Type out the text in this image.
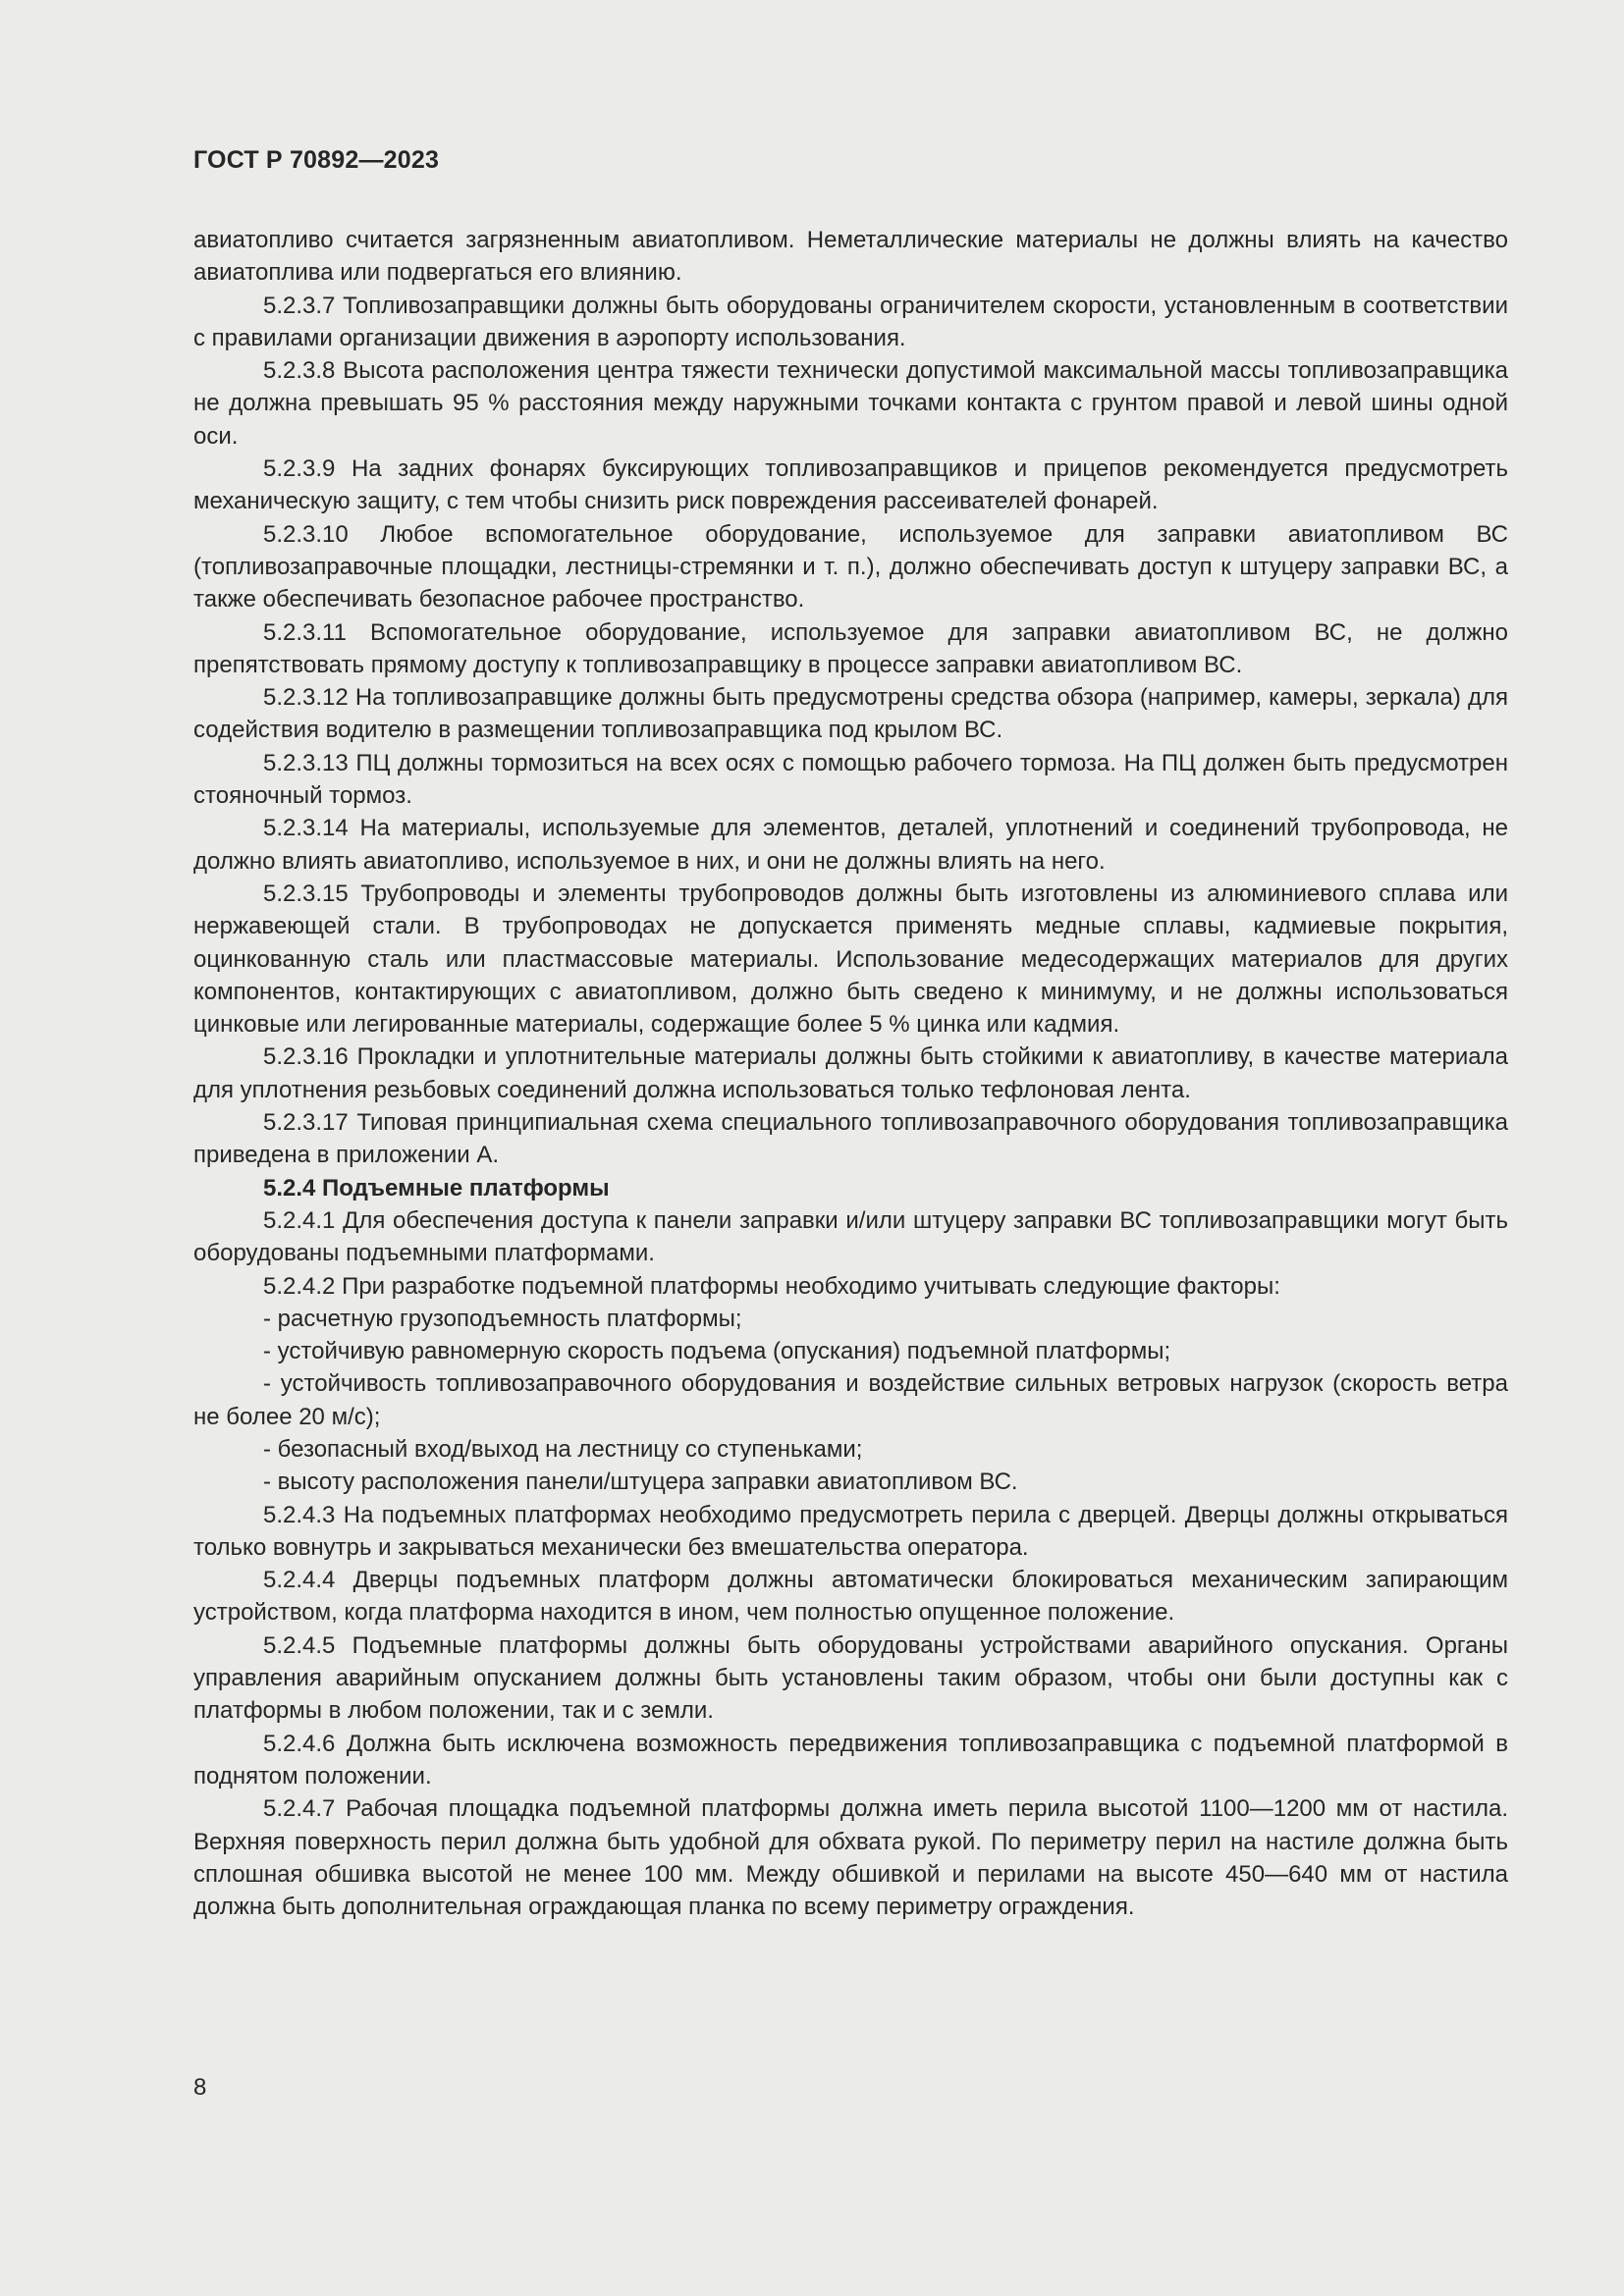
ГОСТ Р 70892—2023

авиатопливо считается загрязненным авиатопливом. Неметаллические материалы не должны влиять на качество авиатоплива или подвергаться его влиянию.

5.2.3.7 Топливозаправщики должны быть оборудованы ограничителем скорости, установленным в соответствии с правилами организации движения в аэропорту использования.

5.2.3.8 Высота расположения центра тяжести технически допустимой максимальной массы топливозаправщика не должна превышать 95 % расстояния между наружными точками контакта с грунтом правой и левой шины одной оси.

5.2.3.9 На задних фонарях буксирующих топливозаправщиков и прицепов рекомендуется предусмотреть механическую защиту, с тем чтобы снизить риск повреждения рассеивателей фонарей.

5.2.3.10 Любое вспомогательное оборудование, используемое для заправки авиатопливом ВС (топливозаправочные площадки, лестницы-стремянки и т. п.), должно обеспечивать доступ к штуцеру заправки ВС, а также обеспечивать безопасное рабочее пространство.

5.2.3.11 Вспомогательное оборудование, используемое для заправки авиатопливом ВС, не должно препятствовать прямому доступу к топливозаправщику в процессе заправки авиатопливом ВС.

5.2.3.12 На топливозаправщике должны быть предусмотрены средства обзора (например, камеры, зеркала) для содействия водителю в размещении топливозаправщика под крылом ВС.

5.2.3.13 ПЦ должны тормозиться на всех осях с помощью рабочего тормоза. На ПЦ должен быть предусмотрен стояночный тормоз.

5.2.3.14 На материалы, используемые для элементов, деталей, уплотнений и соединений трубопровода, не должно влиять авиатопливо, используемое в них, и они не должны влиять на него.

5.2.3.15 Трубопроводы и элементы трубопроводов должны быть изготовлены из алюминиевого сплава или нержавеющей стали. В трубопроводах не допускается применять медные сплавы, кадмиевые покрытия, оцинкованную сталь или пластмассовые материалы. Использование медесодержащих материалов для других компонентов, контактирующих с авиатопливом, должно быть сведено к минимуму, и не должны использоваться цинковые или легированные материалы, содержащие более 5 % цинка или кадмия.

5.2.3.16 Прокладки и уплотнительные материалы должны быть стойкими к авиатопливу, в качестве материала для уплотнения резьбовых соединений должна использоваться только тефлоновая лента.

5.2.3.17 Типовая принципиальная схема специального топливозаправочного оборудования топливозаправщика приведена в приложении А.

5.2.4 Подъемные платформы

5.2.4.1 Для обеспечения доступа к панели заправки и/или штуцеру заправки ВС топливозаправщики могут быть оборудованы подъемными платформами.

5.2.4.2 При разработке подъемной платформы необходимо учитывать следующие факторы:

- расчетную грузоподъемность платформы;

- устойчивую равномерную скорость подъема (опускания) подъемной платформы;

- устойчивость топливозаправочного оборудования и воздействие сильных ветровых нагрузок (скорость ветра не более 20 м/с);

- безопасный вход/выход на лестницу со ступеньками;

- высоту расположения панели/штуцера заправки авиатопливом ВС.

5.2.4.3 На подъемных платформах необходимо предусмотреть перила с дверцей. Дверцы должны открываться только вовнутрь и закрываться механически без вмешательства оператора.

5.2.4.4 Дверцы подъемных платформ должны автоматически блокироваться механическим запирающим устройством, когда платформа находится в ином, чем полностью опущенное положение.

5.2.4.5 Подъемные платформы должны быть оборудованы устройствами аварийного опускания. Органы управления аварийным опусканием должны быть установлены таким образом, чтобы они были доступны как с платформы в любом положении, так и с земли.

5.2.4.6 Должна быть исключена возможность передвижения топливозаправщика с подъемной платформой в поднятом положении.

5.2.4.7 Рабочая площадка подъемной платформы должна иметь перила высотой 1100—1200 мм от настила. Верхняя поверхность перил должна быть удобной для обхвата рукой. По периметру перил на настиле должна быть сплошная обшивка высотой не менее 100 мм. Между обшивкой и перилами на высоте 450—640 мм от настила должна быть дополнительная ограждающая планка по всему периметру ограждения.

8
